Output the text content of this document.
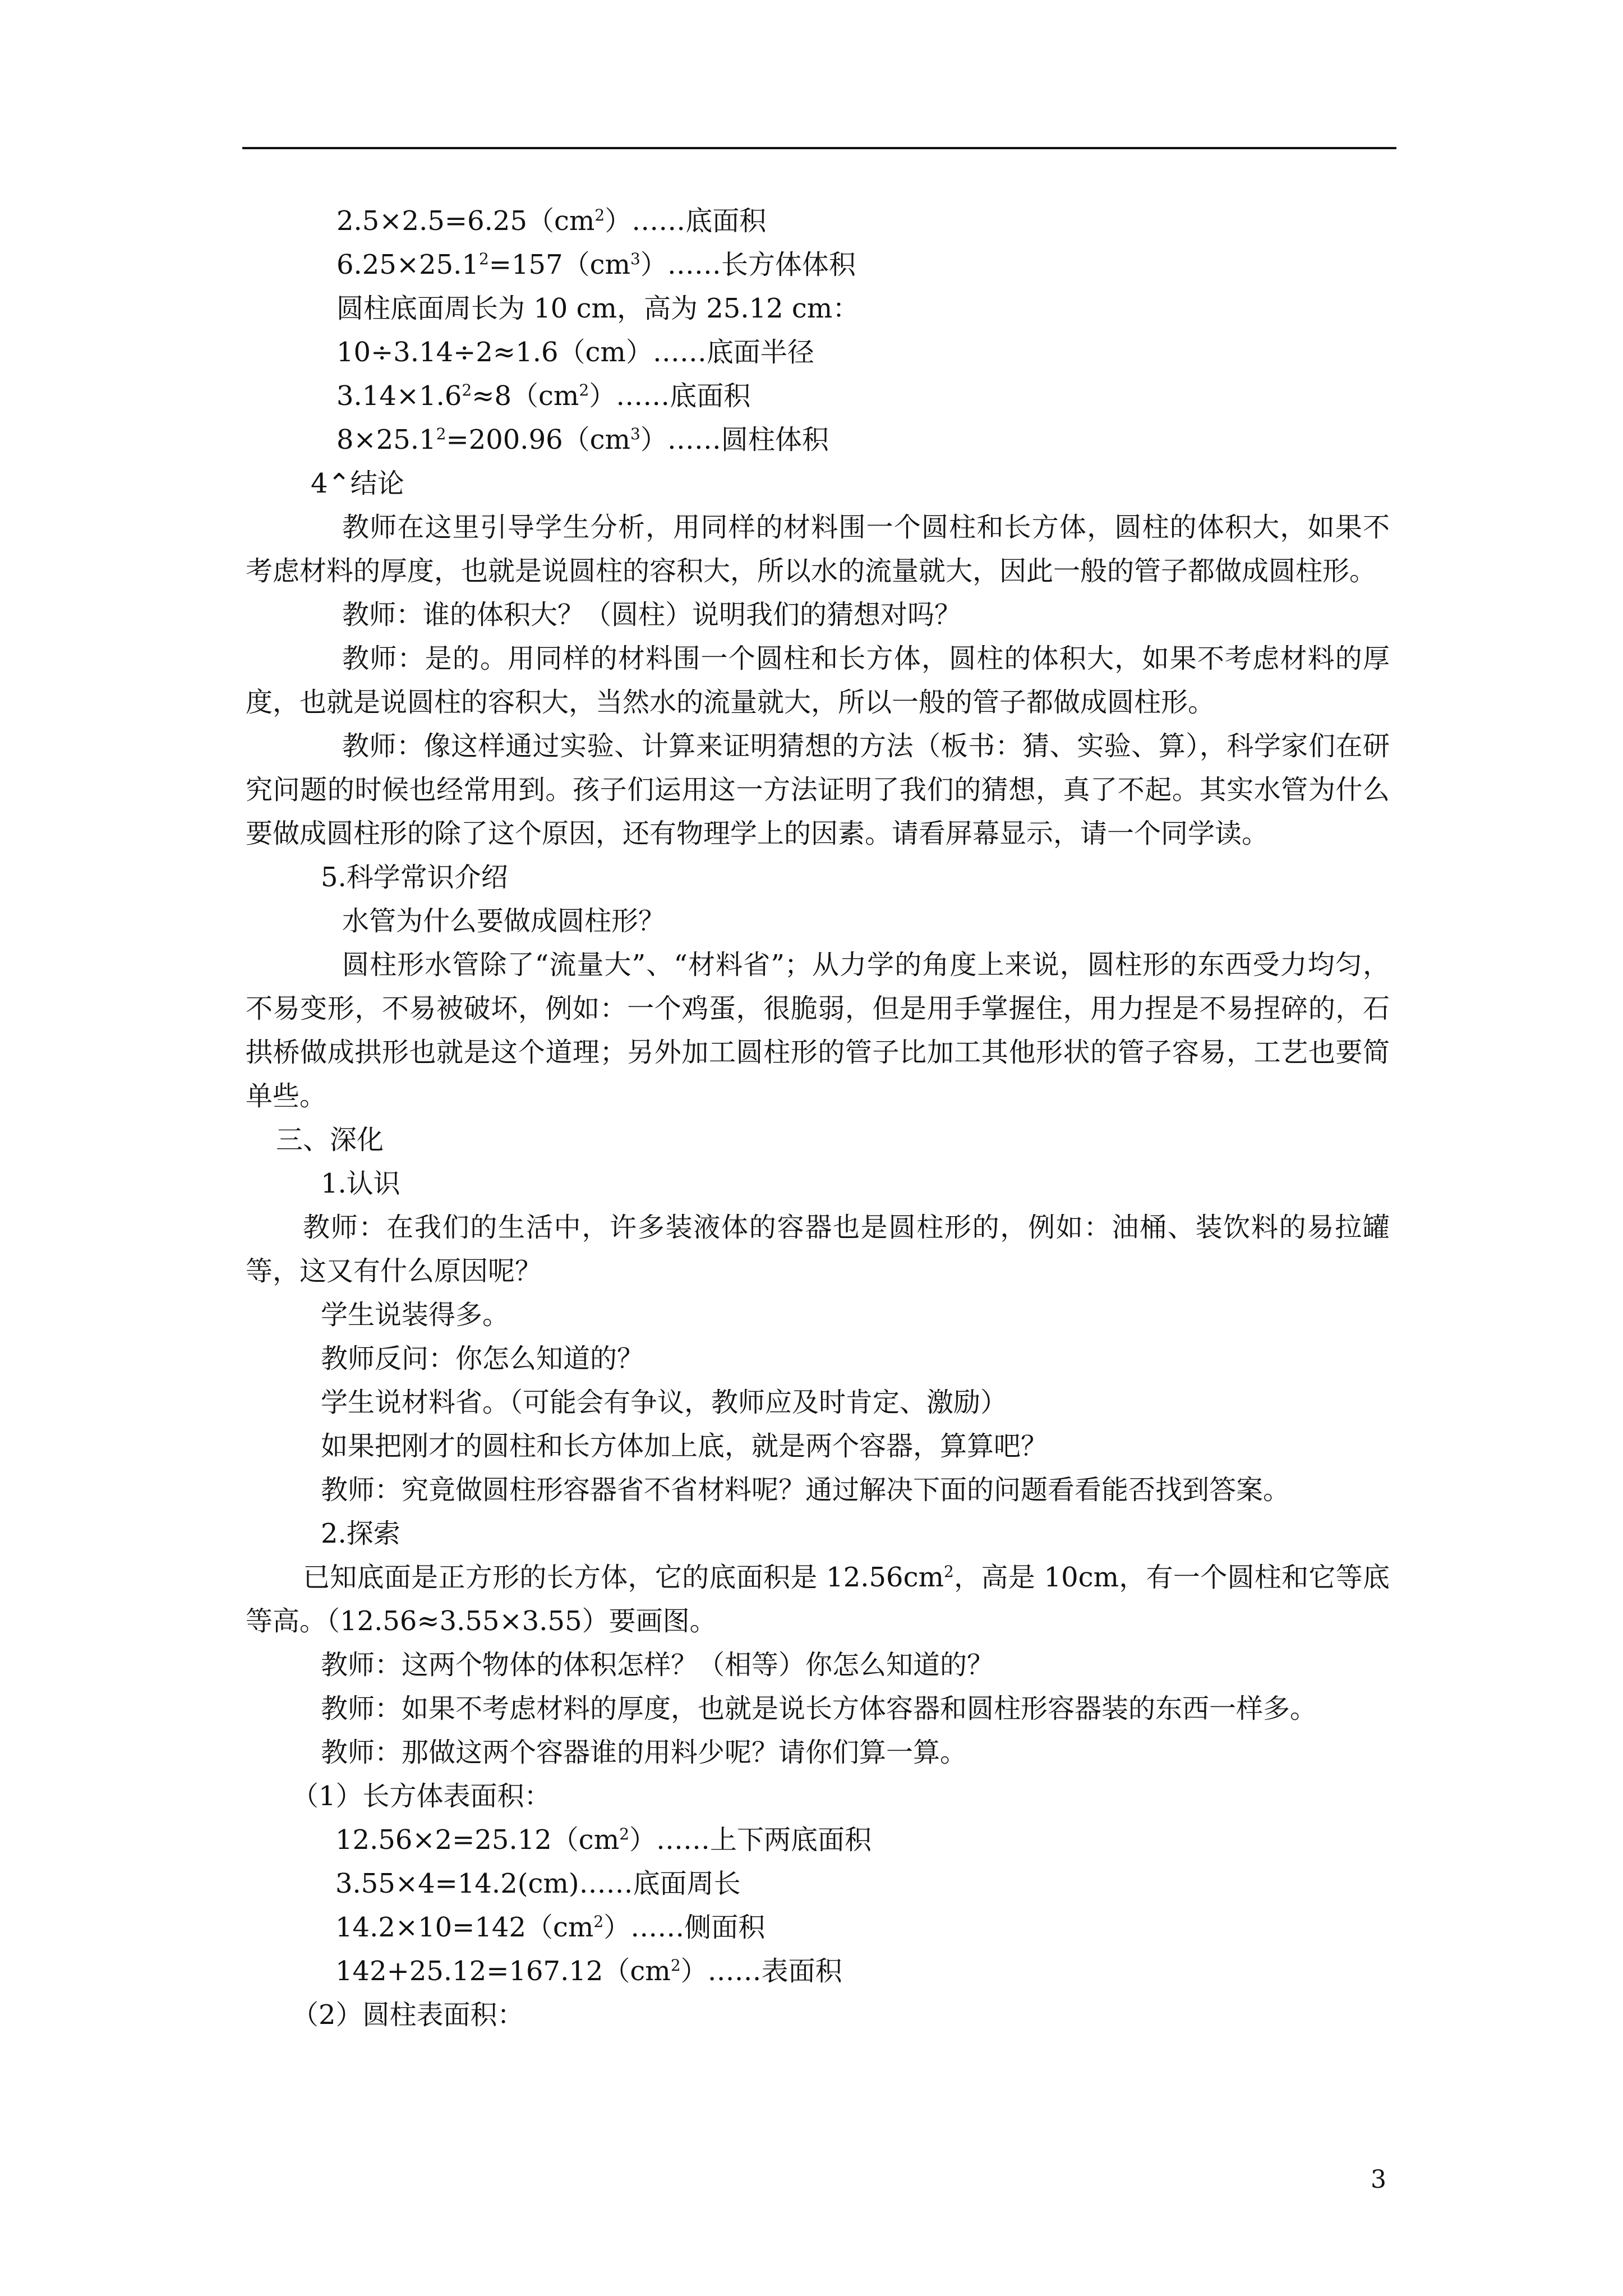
$2.5\times 2.5=6.25(cm^2)\dots\dots$底面积
$6.25\times 25.1^2=157(cm^3)\dots\dots$长方体体积
圆柱底面周长为 10 cm，高为 25.12 cm：
10÷3.14÷2≈1.6（cm）……底面半径
$3.14\times 1.6^2\approx 8(cm^2)\dots\dots$底面积
$8\times 25.1^2=200.96(cm^3)\dots\dots$圆柱体积
4⌃结论
教师在这里引导学生分析，用同样的材料围一个圆柱和长方体，圆柱的体积大，如果不考虑材料的厚度，也就是说圆柱的容积大，所以水的流量就大，因此一般的管子都做成圆柱形。
教师：谁的体积大？（圆柱）说明我们的猜想对吗？
教师：是的。用同样的材料围一个圆柱和长方体，圆柱的体积大，如果不考虑材料的厚度，也就是说圆柱的容积大，当然水的流量就大，所以一般的管子都做成圆柱形。
教师：像这样通过实验、计算来证明猜想的方法（板书：猜、实验、算），科学家们在研究问题的时候也经常用到。孩子们运用这一方法证明了我们的猜想，真了不起。其实水管为什么要做成圆柱形的除了这个原因，还有物理学上的因素。请看屏幕显示，请一个同学读。
5.科学常识介绍
水管为什么要做成圆柱形？
圆柱形水管除了“流量大”、“材料省”；从力学的角度上来说，圆柱形的东西受力均匀，不易变形，不易被破坏，例如：一个鸡蛋，很脆弱，但是用手掌握住，用力捏是不易捏碎的，石拱桥做成拱形也就是这个道理；另外加工圆柱形的管子比加工其他形状的管子容易，工艺也要简单些。
三、深化
1.认识
教师：在我们的生活中，许多装液体的容器也是圆柱形的，例如：油桶、装饮料的易拉罐等，这又有什么原因呢？
学生说装得多。
教师反问：你怎么知道的？
学生说材料省。（可能会有争议，教师应及时肯定、激励）
如果把刚才的圆柱和长方体加上底，就是两个容器，算算吧？
教师：究竟做圆柱形容器省不省材料呢？通过解决下面的问题看看能否找到答案。
2.探索
已知底面是正方形的长方体，它的底面积是 $12.56cm^2$，高是 10cm，有一个圆柱和它等底等高。（12.56≈3.55×3.55）要画图。
教师：这两个物体的体积怎样？（相等）你怎么知道的？
教师：如果不考虑材料的厚度，也就是说长方体容器和圆柱形容器装的东西一样多。
教师：那做这两个容器谁的用料少呢？请你们算一算。
（1）长方体表面积：
$12.56\times 2=25.12(cm^2)\dots\dots$上下两底面积
3.55×4=14.2(cm)……底面周长
$14.2\times 10=142(cm^2)\dots\dots$侧面积
$142+25.12=167.12(cm^2)\dots\dots$表面积
（2）圆柱表面积：
3
